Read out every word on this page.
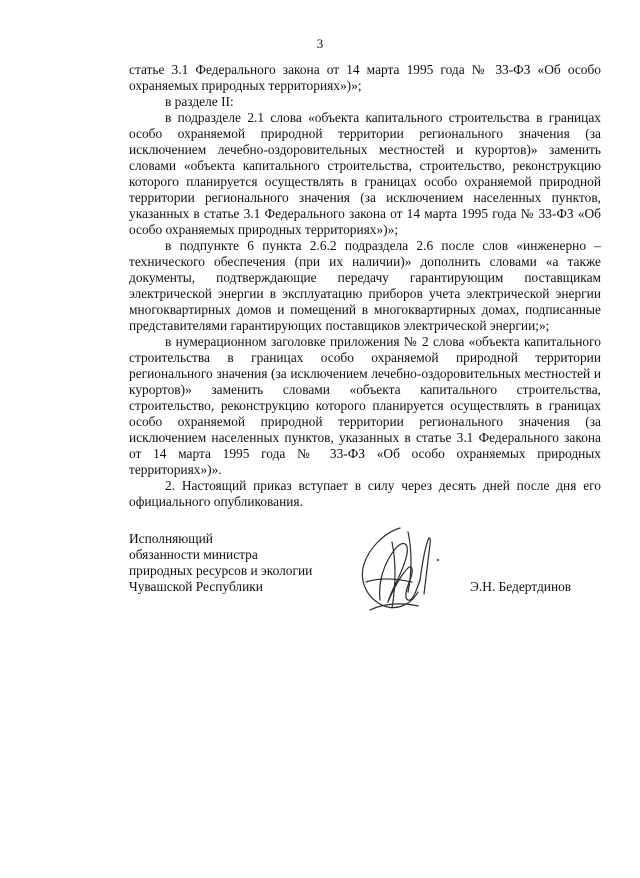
3

статье 3.1 Федерального закона от 14 марта 1995 года № 33-ФЗ «Об особо охраняемых природных территориях»)»;

в разделе II:

в подразделе 2.1 слова «объекта капитального строительства в границах особо охраняемой природной территории регионального значения (за исключением лечебно-оздоровительных местностей и курортов)» заменить словами «объекта капитального строительства, строительство, реконструкцию которого планируется осуществлять в границах особо охраняемой природной территории регионального значения (за исключением населенных пунктов, указанных в статье 3.1 Федерального закона от 14 марта 1995 года № 33-ФЗ «Об особо охраняемых природных территориях»)»;

в подпункте 6 пункта 2.6.2 подраздела 2.6 после слов «инженерно – технического обеспечения (при их наличии)» дополнить словами «а также документы, подтверждающие передачу гарантирующим поставщикам электрической энергии в эксплуатацию приборов учета электрической энергии многоквартирных домов и помещений в многоквартирных домах, подписанные представителями гарантирующих поставщиков электрической энергии;»;

в нумерационном заголовке приложения № 2 слова «объекта капитального строительства в границах особо охраняемой природной территории регионального значения (за исключением лечебно-оздоровительных местностей и курортов)» заменить словами «объекта капитального строительства, строительство, реконструкцию которого планируется осуществлять в границах особо охраняемой природной территории регионального значения (за исключением населенных пунктов, указанных в статье 3.1 Федерального закона от 14 марта 1995 года № 33-ФЗ «Об особо охраняемых природных территориях»)».

2. Настоящий приказ вступает в силу через десять дней после дня его официального опубликования.

Исполняющий
обязанности министра
природных ресурсов и экологии
Чувашской Республики	Э.Н. Бедертдинов
